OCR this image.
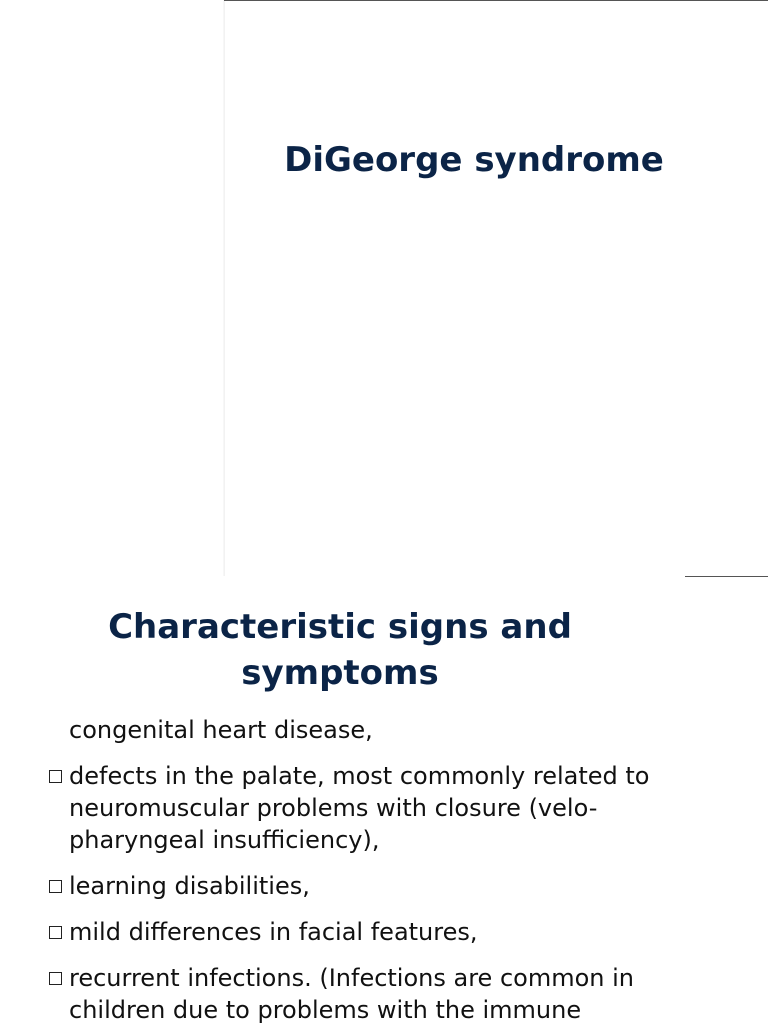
DiGeorge syndrome
Characteristic signs and
symptoms
congenital heart disease,
defects in the palate, most commonly related to neuromuscular problems with closure (velo-pharyngeal insufficiency),
learning disabilities,
mild differences in facial features,
recurrent infections. (Infections are common in children due to problems with the immune
